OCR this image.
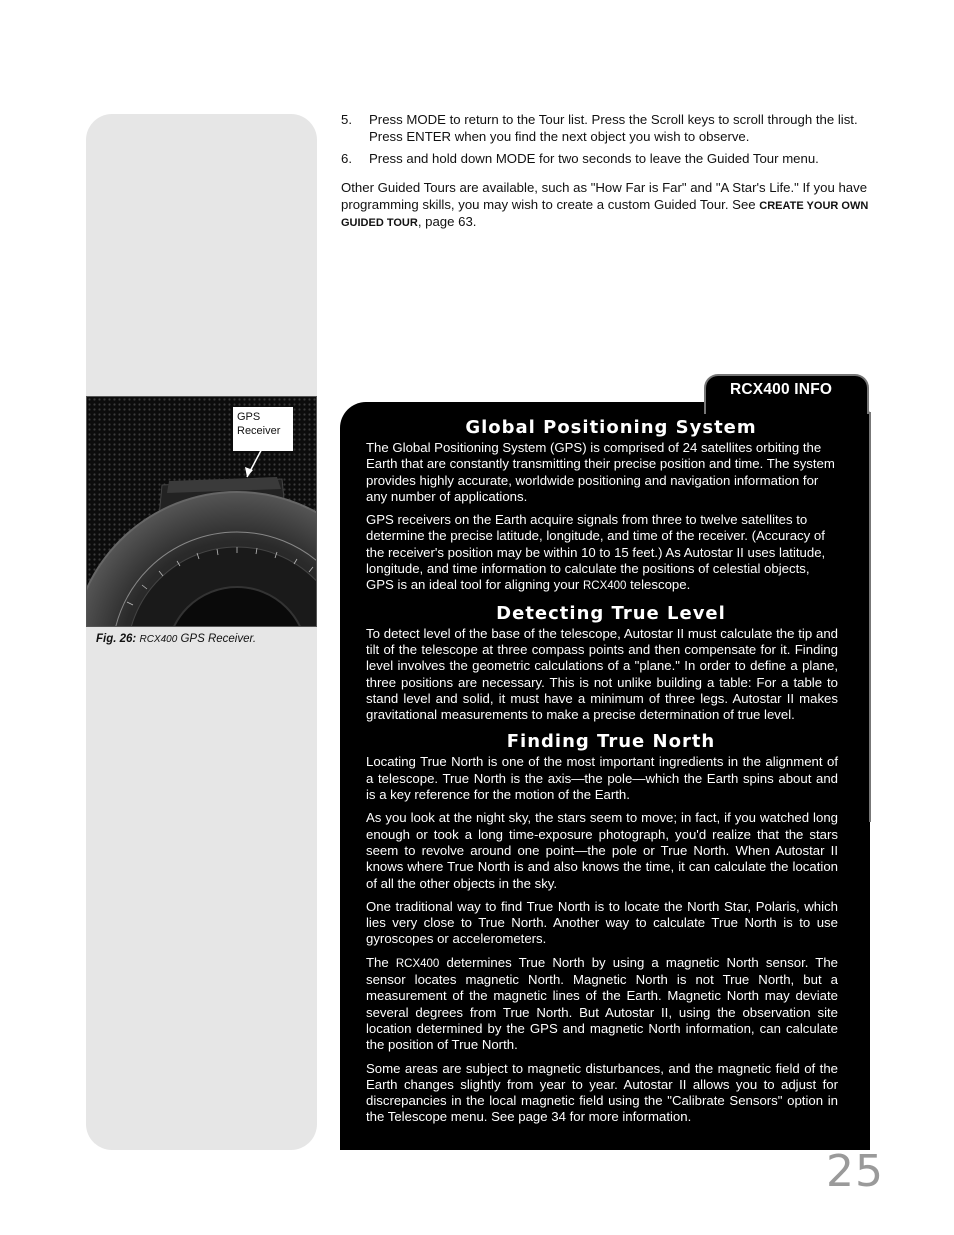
5. Press MODE to return to the Tour list. Press the Scroll keys to scroll through the list. Press ENTER when you find the next object you wish to observe.
6. Press and hold down MODE for two seconds to leave the Guided Tour menu.

Other Guided Tours are available, such as "How Far is Far" and "A Star's Life." If you have programming skills, you may wish to create a custom Guided Tour. See CREATE YOUR OWN GUIDED TOUR, page 63.

GPS
Receiver
Fig. 26: RCX400 GPS Receiver.
Global Positioning System

The Global Positioning System (GPS) is comprised of 24 satellites orbiting the Earth that are constantly transmitting their precise position and time. The system provides highly accurate, worldwide positioning and navigation information for any number of applications.

GPS receivers on the Earth acquire signals from three to twelve satellites to determine the precise latitude, longitude, and time of the receiver. (Accuracy of the receiver's position may be within 10 to 15 feet.) As Autostar II uses latitude, longitude, and time information to calculate the positions of celestial objects, GPS is an ideal tool for aligning your RCX400 telescope.

Detecting True Level

To detect level of the base of the telescope, Autostar II must calculate the tip and tilt of the telescope at three compass points and then compensate for it. Finding level involves the geometric calculations of a "plane." In order to define a plane, three positions are necessary. This is not unlike building a table: For a table to stand level and solid, it must have a minimum of three legs. Autostar II makes gravitational measurements to make a precise determination of true level.

Finding True North

Locating True North is one of the most important ingredients in the alignment of a telescope. True North is the axis—the pole—which the Earth spins about and is a key reference for the motion of the Earth.

As you look at the night sky, the stars seem to move; in fact, if you watched long enough or took a long time-exposure photograph, you'd realize that the stars seem to revolve around one point—the pole or True North. When Autostar II knows where True North is and also knows the time, it can calculate the location of all the other objects in the sky.

One traditional way to find True North is to locate the North Star, Polaris, which lies very close to True North. Another way to calculate True North is to use gyroscopes or accelerometers.

The RCX400 determines True North by using a magnetic North sensor. The sensor locates magnetic North. Magnetic North is not True North, but a measurement of the magnetic lines of the Earth. Magnetic North may deviate several degrees from True North. But Autostar II, using the observation site location determined by the GPS and magnetic North information, can calculate the position of True North.

Some areas are subject to magnetic disturbances, and the magnetic field of the Earth changes slightly from year to year. Autostar II allows you to adjust for discrepancies in the local magnetic field using the "Calibrate Sensors" option in the Telescope menu. See page 34 for more information.

RCX400 INFO
25
